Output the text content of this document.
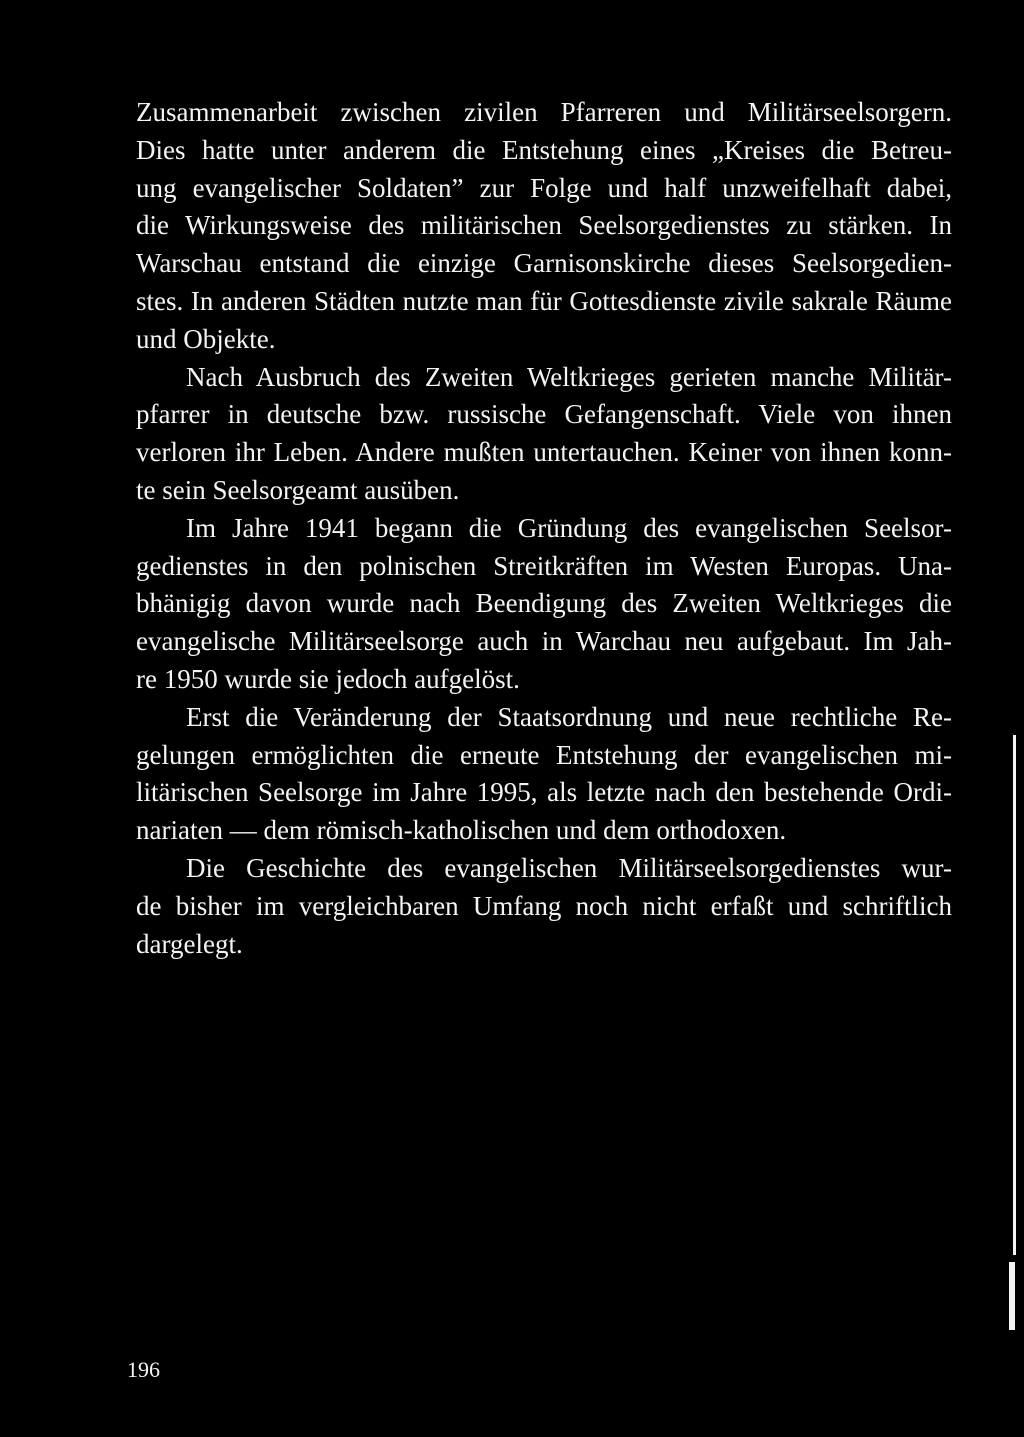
Zusammenarbeit zwischen zivilen Pfarreren und Militärseelsorgern.
Dies hatte unter anderem die Entstehung eines „Kreises die Betreu-
ung evangelischer Soldaten” zur Folge und half unzweifelhaft dabei,
die Wirkungsweise des militärischen Seelsorgedienstes zu stärken. In
Warschau entstand die einzige Garnisonskirche dieses Seelsorgedien-
stes. In anderen Städten nutzte man für Gottesdienste zivile sakrale Räume
und Objekte.
Nach Ausbruch des Zweiten Weltkrieges gerieten manche Militär-
pfarrer in deutsche bzw. russische Gefangenschaft. Viele von ihnen
verloren ihr Leben. Andere mußten untertauchen. Keiner von ihnen konn-
te sein Seelsorgeamt ausüben.
Im Jahre 1941 begann die Gründung des evangelischen Seelsor-
gedienstes in den polnischen Streitkräften im Westen Europas. Una-
bhänigig davon wurde nach Beendigung des Zweiten Weltkrieges die
evangelische Militärseelsorge auch in Warchau neu aufgebaut. Im Jah-
re 1950 wurde sie jedoch aufgelöst.
Erst die Veränderung der Staatsordnung und neue rechtliche Re-
gelungen ermöglichten die erneute Entstehung der evangelischen mi-
litärischen Seelsorge im Jahre 1995, als letzte nach den bestehende Ordi-
nariaten — dem römisch-katholischen und dem orthodoxen.
Die Geschichte des evangelischen Militärseelsorgedienstes wur-
de bisher im vergleichbaren Umfang noch nicht erfaßt und schriftlich
dargelegt.
196
